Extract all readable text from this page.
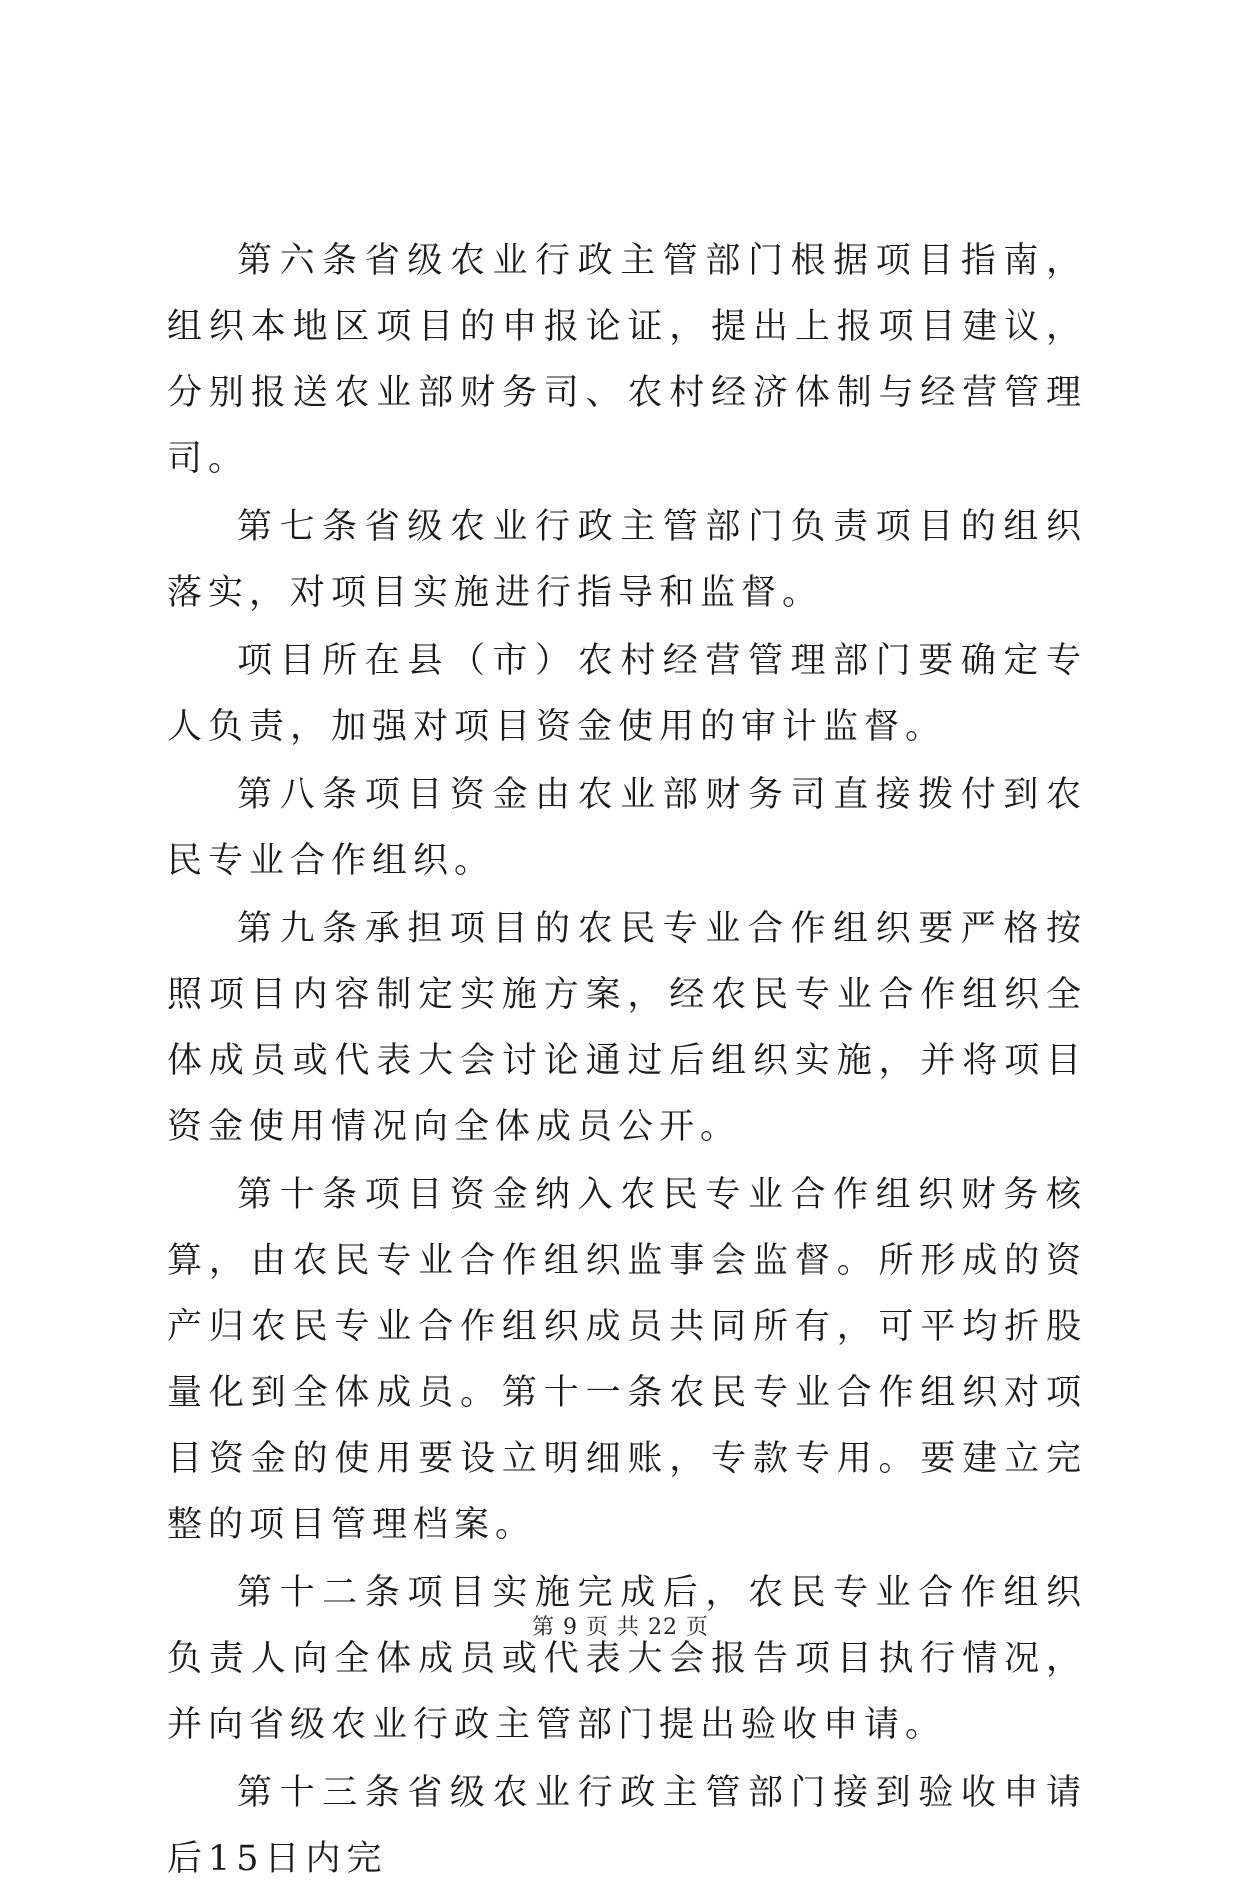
第六条省级农业行政主管部门根据项目指南，组织本地区项目的申报论证，提出上报项目建议，分别报送农业部财务司、农村经济体制与经营管理司。

第七条省级农业行政主管部门负责项目的组织落实，对项目实施进行指导和监督。

项目所在县（市）农村经营管理部门要确定专人负责，加强对项目资金使用的审计监督。

第八条项目资金由农业部财务司直接拨付到农民专业合作组织。

第九条承担项目的农民专业合作组织要严格按照项目内容制定实施方案，经农民专业合作组织全体成员或代表大会讨论通过后组织实施，并将项目资金使用情况向全体成员公开。

第十条项目资金纳入农民专业合作组织财务核算，由农民专业合作组织监事会监督。所形成的资产归农民专业合作组织成员共同所有，可平均折股量化到全体成员。第十一条农民专业合作组织对项目资金的使用要设立明细账，专款专用。要建立完整的项目管理档案。

第十二条项目实施完成后，农民专业合作组织负责人向全体成员或代表大会报告项目执行情况，并向省级农业行政主管部门提出验收申请。

第十三条省级农业行政主管部门接到验收申请后15日内完

第 9 页 共 22 页
